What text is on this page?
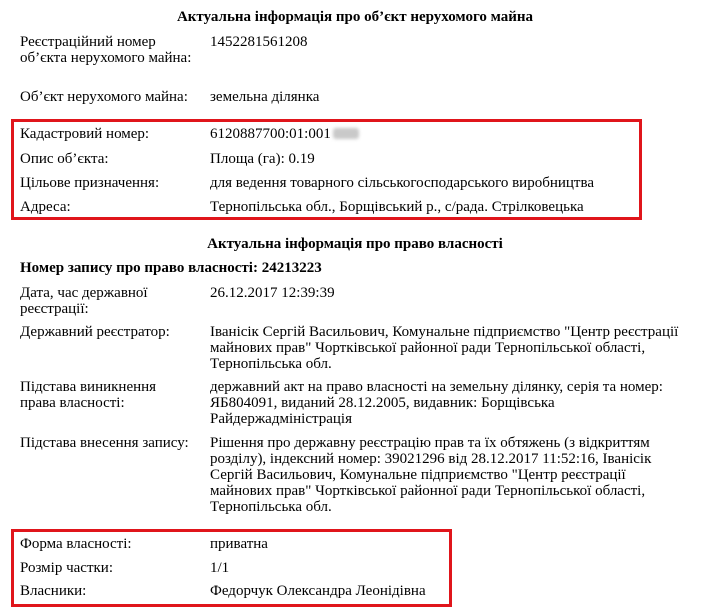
Актуальна інформація про об’єкт нерухомого майна
Реєстраційний номер об’єкта нерухомого майна:
1452281561208
Об’єкт нерухомого майна:	земельна ділянка
Кадастровий номер:	6120887700:01:001
Опис об’єкта:	Площа (га): 0.19
Цільове призначення:	для ведення товарного сільськогосподарського виробництва
Адреса:	Тернопільська обл., Борщівський р., с/рада. Стрілковецька
Актуальна інформація про право власності
Номер запису про право власності: 24213223
Дата, час державної реєстрації:
26.12.2017 12:39:39
Державний реєстратор:	Іванісік Сергій Васильович, Комунальне підприємство "Центр реєстрації майнових прав" Чортківської районної ради Тернопільської області, Тернопільська обл.
Підстава виникнення права власності:
державний акт на право власності на земельну ділянку, серія та номер: ЯБ804091, виданий 28.12.2005, видавник: Борщівська Райдержадміністрація
Підстава внесення запису:	Рішення про державну реєстрацію прав та їх обтяжень (з відкриттям розділу), індексний номер: 39021296 від 28.12.2017 11:52:16, Іванісік Сергій Васильович, Комунальне підприємство "Центр реєстрації майнових прав" Чортківської районної ради Тернопільської області, Тернопільська обл.
Форма власності:	приватна
Розмір частки:	1/1
Власники:	Федорчук Олександра Леонідівна
